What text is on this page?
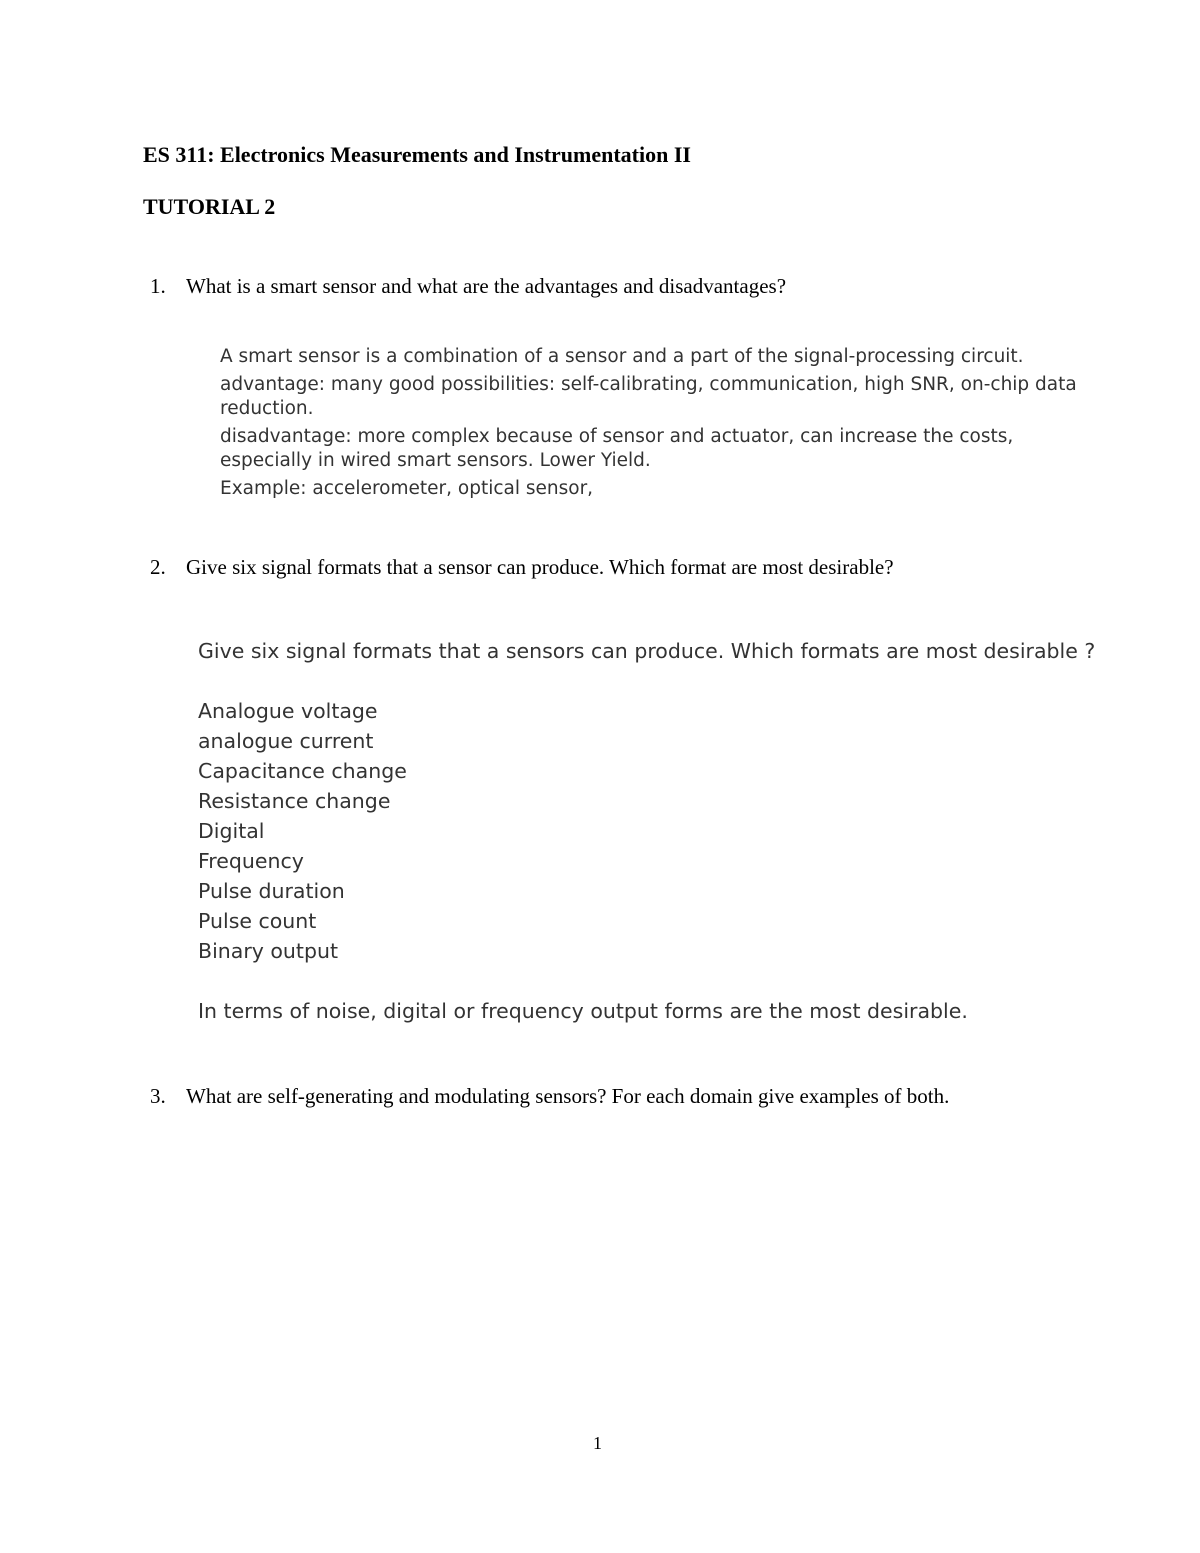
ES 311: Electronics Measurements and Instrumentation II
TUTORIAL 2
1. What is a smart sensor and what are the advantages and disadvantages?
A smart sensor is a combination of a sensor and a part of the signal-processing circuit.
advantage: many good possibilities: self-calibrating, communication, high SNR, on-chip data
reduction.
disadvantage: more complex because of sensor and actuator, can increase the costs,
especially in wired smart sensors. Lower Yield.
Example: accelerometer, optical sensor,
2. Give six signal formats that a sensor can produce. Which format are most desirable?
Give six signal formats that a sensors can produce. Which formats are most desirable ?
Analogue voltage
analogue current
Capacitance change
Resistance change
Digital
Frequency
Pulse duration
Pulse count
Binary output
In terms of noise, digital or frequency output forms are the most desirable.
3. What are self-generating and modulating sensors? For each domain give examples of both.
1
